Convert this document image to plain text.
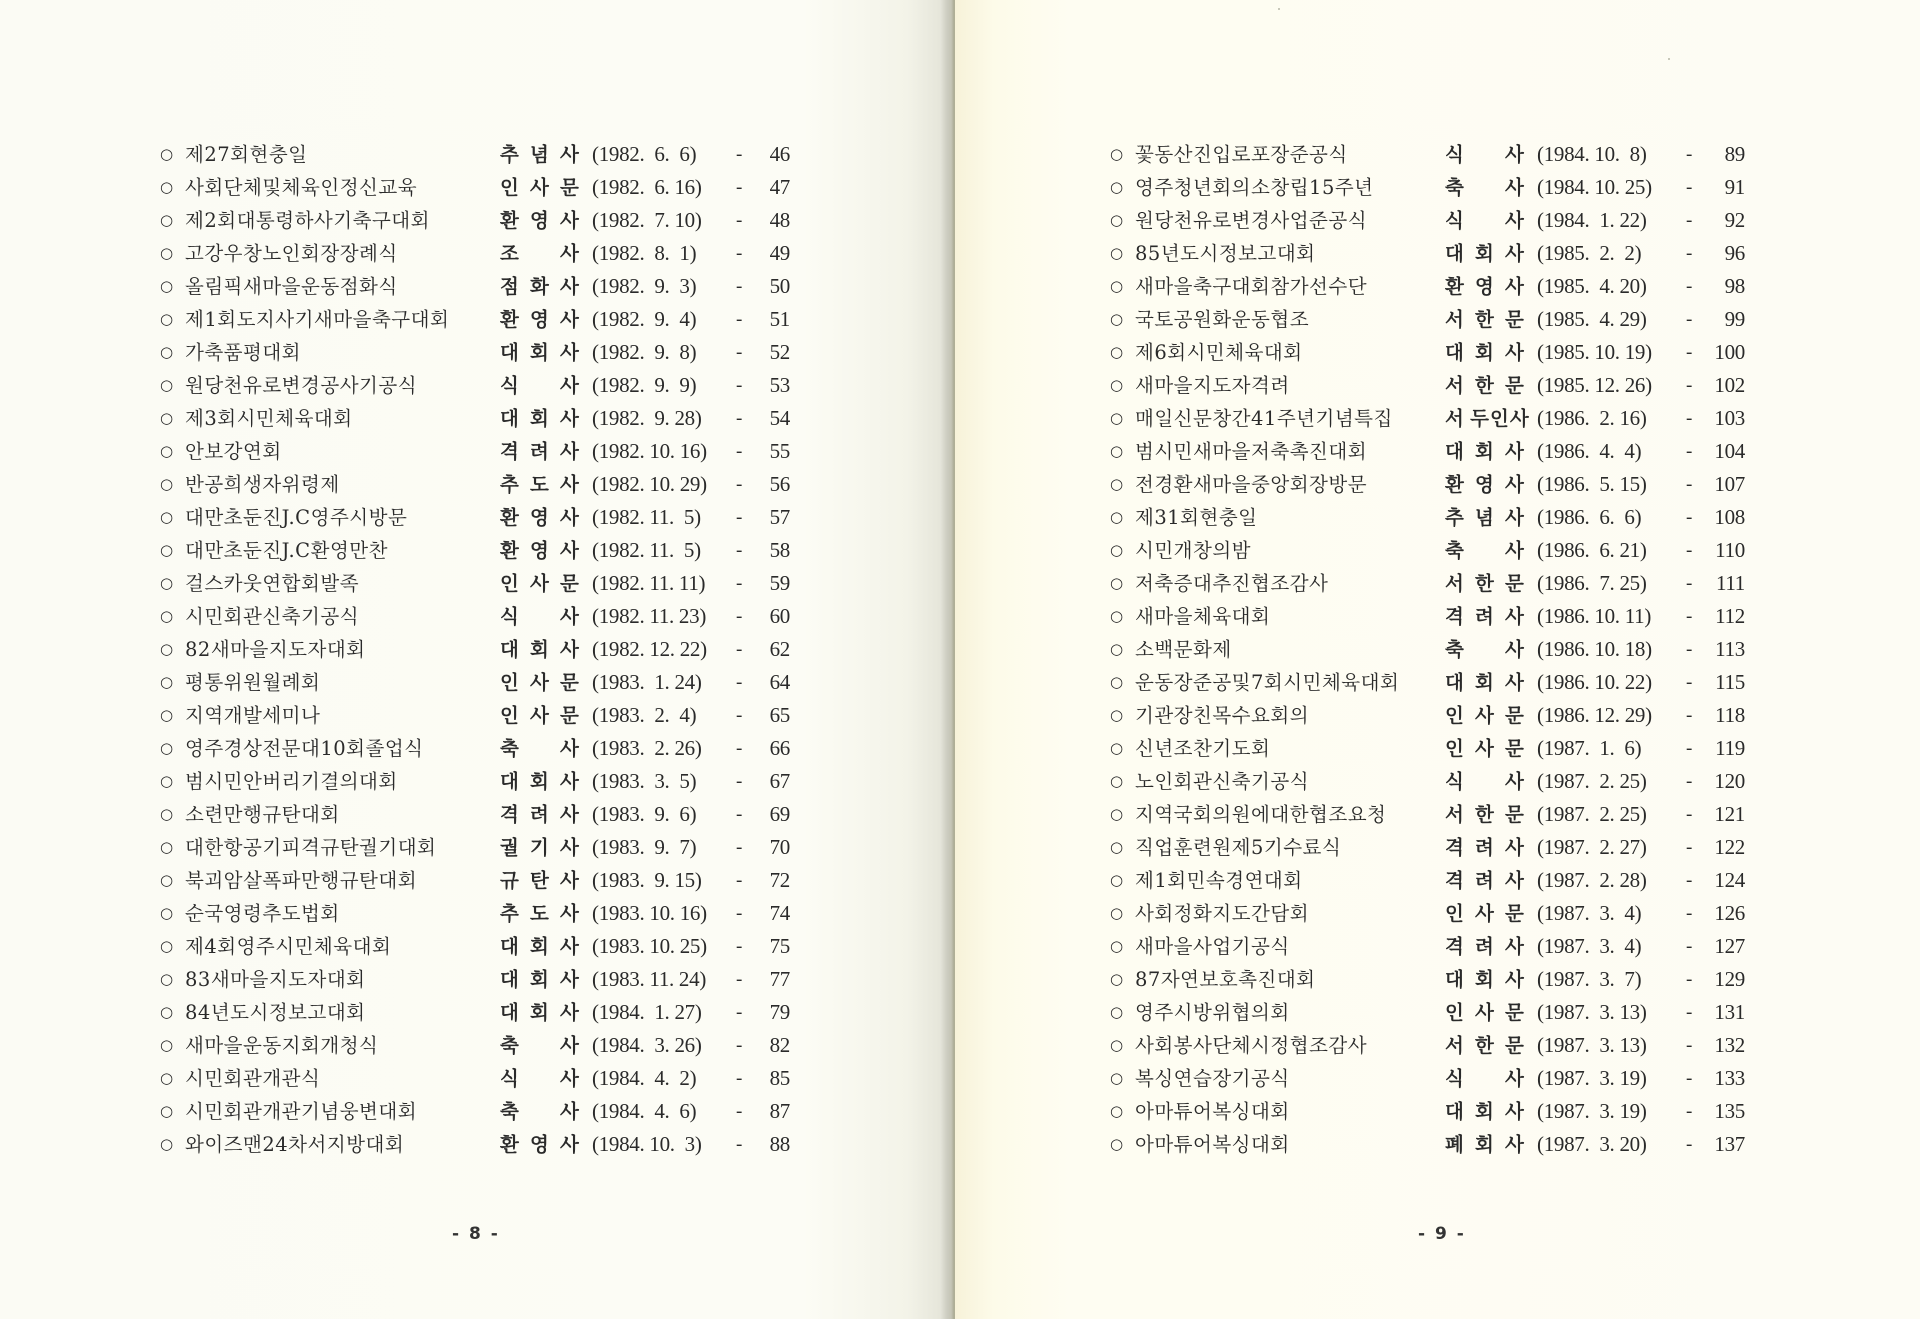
○ 제27회현충일	추 념 사 (1982.  6.  6) -	46
○ 사회단체및체육인정신교육	인 사 문 (1982.  6. 16) -	47
○ 제2회대통령하사기축구대회	환 영 사 (1982.  7. 10) -	48
○ 고강우창노인회장장례식	조	사 (1982.  8.  1) -	49
○ 올림픽새마을운동점화식	점 화 사 (1982.  9.  3) -	50
○ 제1회도지사기새마을축구대회	환 영 사 (1982.  9.  4) -	51
○ 가축품평대회	대 회 사 (1982.  9.  8) -	52
○ 원당천유로변경공사기공식	식	사 (1982.  9.  9) -	53
○ 제3회시민체육대회	대 회 사 (1982.  9. 28) -	54
○ 안보강연회	격 려 사 (1982. 10. 16) -	55
○ 반공희생자위령제	추 도 사 (1982. 10. 29) -	56
○ 대만초둔진J.C영주시방문	환 영 사 (1982. 11.  5) -	57
○ 대만초둔진J.C환영만찬	환 영 사 (1982. 11.  5) -	58
○ 걸스카웃연합회발족	인 사 문 (1982. 11. 11) -	59
○ 시민회관신축기공식	식	사 (1982. 11. 23) -	60
○ 82새마을지도자대회	대 회 사 (1982. 12. 22) -	62
○ 평통위원월례회	인 사 문 (1983.  1. 24) -	64
○ 지역개발세미나	인 사 문 (1983.  2.  4) -	65
○ 영주경상전문대10회졸업식	축	사 (1983.  2. 26) -	66
○ 범시민안버리기결의대회	대 회 사 (1983.  3.  5) -	67
○ 소련만행규탄대회	격 려 사 (1983.  9.  6) -	69
○ 대한항공기피격규탄궐기대회	궐 기 사 (1983.  9.  7) -	70
○ 북괴암살폭파만행규탄대회	규 탄 사 (1983.  9. 15) -	72
○ 순국영령추도법회	추 도 사 (1983. 10. 16) -	74
○ 제4회영주시민체육대회	대 회 사 (1983. 10. 25) -	75
○ 83새마을지도자대회	대 회 사 (1983. 11. 24) -	77
○ 84년도시정보고대회	대 회 사 (1984.  1. 27) -	79
○ 새마을운동지회개청식	축	사 (1984.  3. 26) -	82
○ 시민회관개관식	식	사 (1984.  4.  2) -	85
○ 시민회관개관기념웅변대회	축	사 (1984.  4.  6) -	87
○ 와이즈맨24차서지방대회	환 영 사 (1984. 10.  3) -	88
- 8 -
○ 꽃동산진입로포장준공식	식	사 (1984. 10.  8) -	89
○ 영주청년회의소창립15주년	축	사 (1984. 10. 25) -	91
○ 원당천유로변경사업준공식	식	사 (1984.  1. 22) -	92
○ 85년도시정보고대회	대 회 사 (1985.  2.  2) -	96
○ 새마을축구대회참가선수단	환 영 사 (1985.  4. 20) -	98
○ 국토공원화운동협조	서 한 문 (1985.  4. 29) -	99
○ 제6회시민체육대회	대 회 사 (1985. 10. 19) -	100
○ 새마을지도자격려	서 한 문 (1985. 12. 26) -	102
○ 매일신문창간41주년기념특집	서 두인 사 (1986.  2. 16) -	103
○ 범시민새마을저축촉진대회	대 회 사 (1986.  4.  4) -	104
○ 전경환새마을중앙회장방문	환 영 사 (1986.  5. 15) -	107
○ 제31회현충일	추 념 사 (1986.  6.  6) -	108
○ 시민개창의밤	축	사 (1986.  6. 21) -	110
○ 저축증대추진협조감사	서 한 문 (1986.  7. 25) -	111
○ 새마을체육대회	격 려 사 (1986. 10. 11) -	112
○ 소백문화제	축	사 (1986. 10. 18) -	113
○ 운동장준공및7회시민체육대회 대 회 사 (1986. 10. 22) -	115
○ 기관장친목수요회의	인 사 문 (1986. 12. 29) -	118
○ 신년조찬기도회	인 사 문 (1987.  1.  6) -	119
○ 노인회관신축기공식	식	사 (1987.  2. 25) -	120
○ 지역국회의원에대한협조요청	서 한 문 (1987.  2. 25) -	121
○ 직업훈련원제5기수료식	격 려 사 (1987.  2. 27) -	122
○ 제1회민속경연대회	격 려 사 (1987.  2. 28) -	124
○ 사회정화지도간담회	인 사 문 (1987.  3.  4) -	126
○ 새마을사업기공식	격 려 사 (1987.  3.  4) -	127
○ 87자연보호촉진대회	대 회 사 (1987.  3.  7) -	129
○ 영주시방위협의회	인 사 문 (1987.  3. 13) -	131
○ 사회봉사단체시정협조감사	서 한 문 (1987.  3. 13) -	132
○ 복싱연습장기공식	식	사 (1987.  3. 19) -	133
○ 아마튜어복싱대회	대 회 사 (1987.  3. 19) -	135
○ 아마튜어복싱대회	폐 회 사 (1987.  3. 20) -	137
- 9 -
